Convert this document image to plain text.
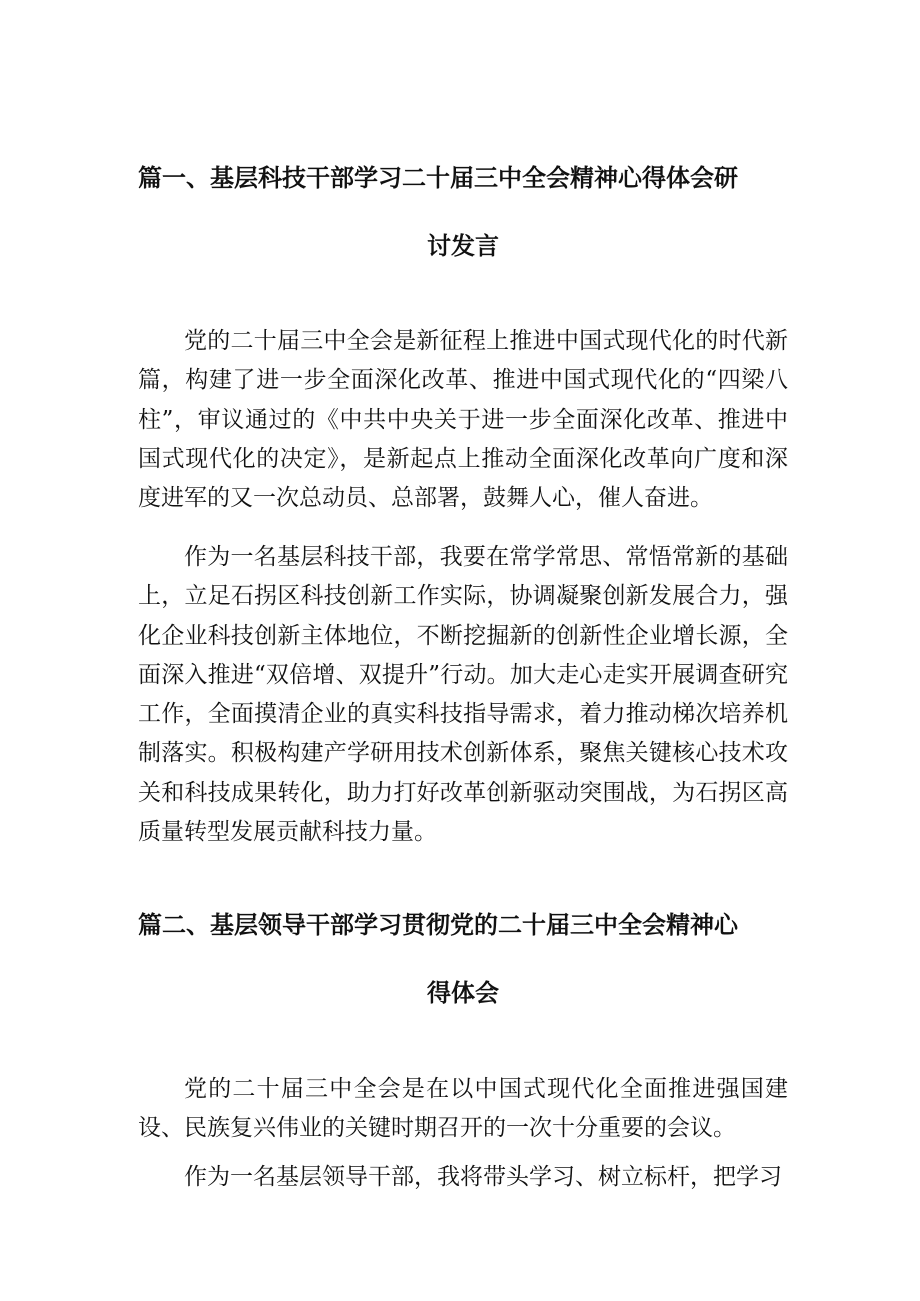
篇一、基层科技干部学习二十届三中全会精神心得体会研
讨发言
党的二十届三中全会是新征程上推进中国式现代化的时代新篇，构建了进一步全面深化改革、推进中国式现代化的“四梁八柱”，审议通过的《中共中央关于进一步全面深化改革、推进中国式现代化的决定》，是新起点上推动全面深化改革向广度和深度进军的又一次总动员、总部署，鼓舞人心，催人奋进。
作为一名基层科技干部，我要在常学常思、常悟常新的基础上，立足石拐区科技创新工作实际，协调凝聚创新发展合力，强化企业科技创新主体地位，不断挖掘新的创新性企业增长源，全面深入推进“双倍增、双提升”行动。加大走心走实开展调查研究工作，全面摸清企业的真实科技指导需求，着力推动梯次培养机制落实。积极构建产学研用技术创新体系，聚焦关键核心技术攻关和科技成果转化，助力打好改革创新驱动突围战，为石拐区高质量转型发展贡献科技力量。
篇二、基层领导干部学习贯彻党的二十届三中全会精神心
得体会
党的二十届三中全会是在以中国式现代化全面推进强国建设、民族复兴伟业的关键时期召开的一次十分重要的会议。
作为一名基层领导干部，我将带头学习、树立标杆，把学习
